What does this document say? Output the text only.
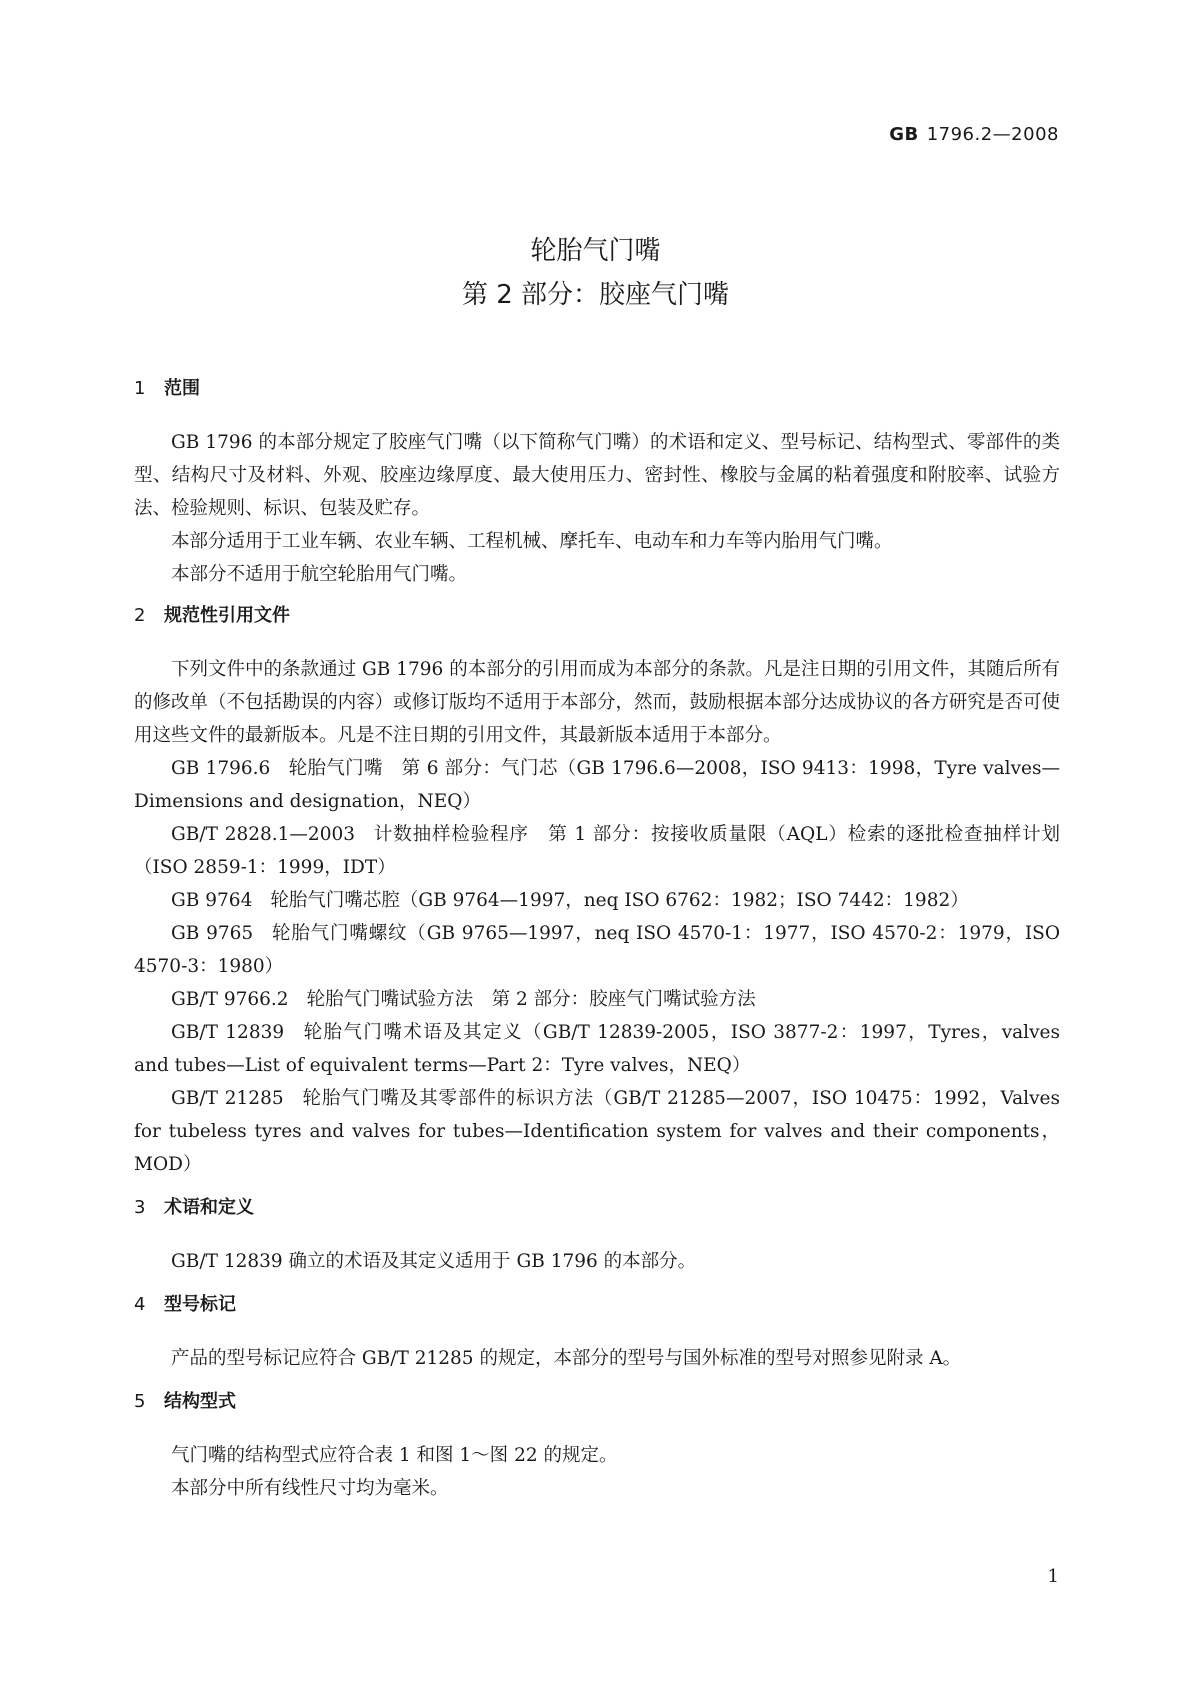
GB 1796.2—2008
轮胎气门嘴
第 2 部分：胶座气门嘴
1 范围

GB 1796 的本部分规定了胶座气门嘴（以下简称气门嘴）的术语和定义、型号标记、结构型式、零部件的类型、结构尺寸及材料、外观、胶座边缘厚度、最大使用压力、密封性、橡胶与金属的粘着强度和附胶率、试验方法、检验规则、标识、包装及贮存。

本部分适用于工业车辆、农业车辆、工程机械、摩托车、电动车和力车等内胎用气门嘴。

本部分不适用于航空轮胎用气门嘴。

2 规范性引用文件

下列文件中的条款通过 GB 1796 的本部分的引用而成为本部分的条款。凡是注日期的引用文件，其随后所有的修改单（不包括勘误的内容）或修订版均不适用于本部分，然而，鼓励根据本部分达成协议的各方研究是否可使用这些文件的最新版本。凡是不注日期的引用文件，其最新版本适用于本部分。

GB 1796.6 轮胎气门嘴　第 6 部分：气门芯（GB 1796.6—2008，ISO 9413：1998，Tyre valves—Dimensions and designation，NEQ）

GB/T 2828.1—2003 计数抽样检验程序　第 1 部分：按接收质量限（AQL）检索的逐批检查抽样计划（ISO 2859-1：1999，IDT）

GB 9764 轮胎气门嘴芯腔（GB 9764—1997，neq ISO 6762：1982；ISO 7442：1982）

GB 9765 轮胎气门嘴螺纹（GB 9765—1997，neq ISO 4570-1：1977，ISO 4570-2：1979，ISO 4570-3：1980）

GB/T 9766.2 轮胎气门嘴试验方法　第 2 部分：胶座气门嘴试验方法

GB/T 12839 轮胎气门嘴术语及其定义（GB/T 12839-2005，ISO 3877-2：1997，Tyres，valves and tubes—List of equivalent terms—Part 2：Tyre valves，NEQ）

GB/T 21285 轮胎气门嘴及其零部件的标识方法（GB/T 21285—2007，ISO 10475：1992，Valves for tubeless tyres and valves for tubes—Identification system for valves and their components，MOD）

3 术语和定义

GB/T 12839 确立的术语及其定义适用于 GB 1796 的本部分。

4 型号标记

产品的型号标记应符合 GB/T 21285 的规定，本部分的型号与国外标准的型号对照参见附录 A。

5 结构型式

气门嘴的结构型式应符合表 1 和图 1～图 22 的规定。

本部分中所有线性尺寸均为毫米。

1
